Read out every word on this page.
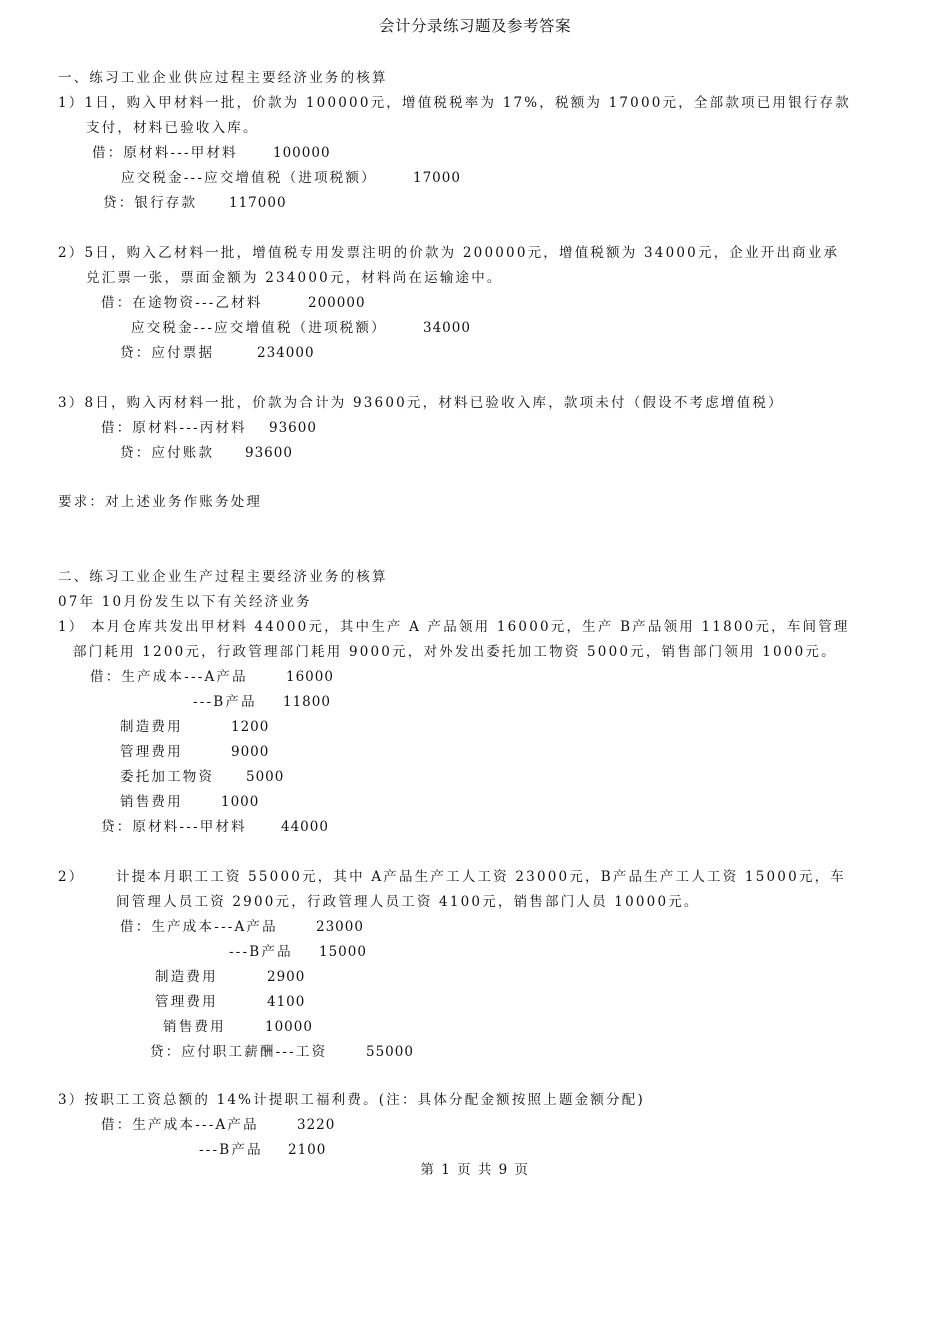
会计分录练习题及参考答案
一、练习工业企业供应过程主要经济业务的核算
1）1日，购入甲材料一批，价款为 100000元，增值税税率为 17%，税额为 17000元，全部款项已用银行存款
支付，材料已验收入库。
借：原材料---甲材料	100000
应交税金---应交增值税（进项税额）	17000
贷：银行存款 117000
2）5日，购入乙材料一批，增值税专用发票注明的价款为 200000元，增值税额为 34000元，企业开出商业承
兑汇票一张，票面金额为 234000元，材料尚在运输途中。
借：在途物资---乙材料	200000
应交税金---应交增值税（进项税额）	34000
贷：应付票据	234000
3）8日，购入丙材料一批，价款为合计为 93600元，材料已验收入库，款项未付（假设不考虑增值税）
借：原材料---丙材料 93600
贷：应付账款 93600
要求：对上述业务作账务处理
二、练习工业企业生产过程主要经济业务的核算
07年 10月份发生以下有关经济业务
1） 本月仓库共发出甲材料 44000元，其中生产 A 产品领用 16000元，生产 B产品领用 11800元，车间管理
部门耗用 1200元，行政管理部门耗用 9000元，对外发出委托加工物资 5000元，销售部门领用 1000元。
借：生产成本---A产品	16000
---B产品 11800
制造费用	1200
管理费用	9000
委托加工物资 5000
销售费用	1000
贷：原材料---甲材料	44000
2） 计提本月职工工资 55000元，其中 A产品生产工人工资 23000元，B产品生产工人工资 15000元，车
间管理人员工资 2900元，行政管理人员工资 4100元，销售部门人员 10000元。
借：生产成本---A产品	23000
---B产品 15000
制造费用	2900
管理费用	4100
销售费用	10000
贷：应付职工薪酬---工资	55000
3）按职工工资总额的 14%计提职工福利费。(注：具体分配金额按照上题金额分配)
借：生产成本---A产品	3220
---B产品 2100
第 1 页 共 9 页
